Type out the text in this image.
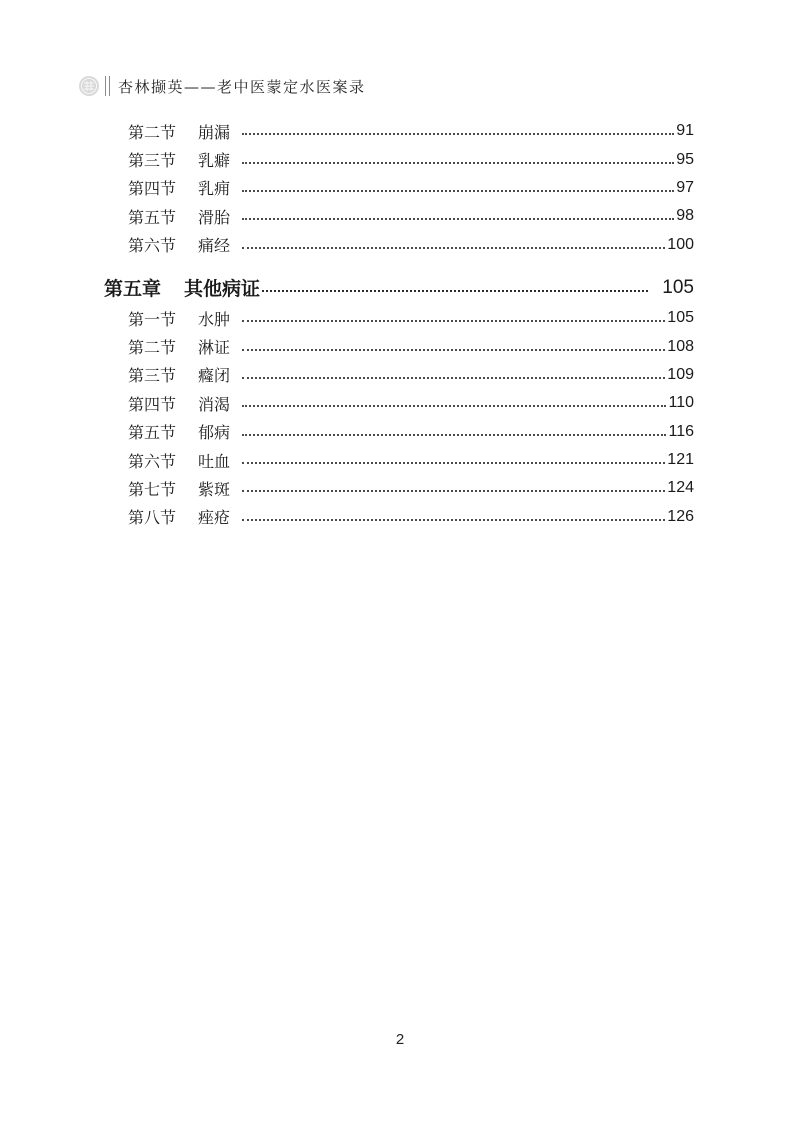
杏林撷英——老中医蒙定水医案录
第二节	崩漏	91
第三节	乳癖	95
第四节	乳痈	97
第五节	滑胎	98
第六节	痛经	100
第五章	其他病证	105
第一节	水肿	105
第二节	淋证	108
第三节	癃闭	109
第四节	消渴	110
第五节	郁病	116
第六节	吐血	121
第七节	紫斑	124
第八节	痤疮	126
2
